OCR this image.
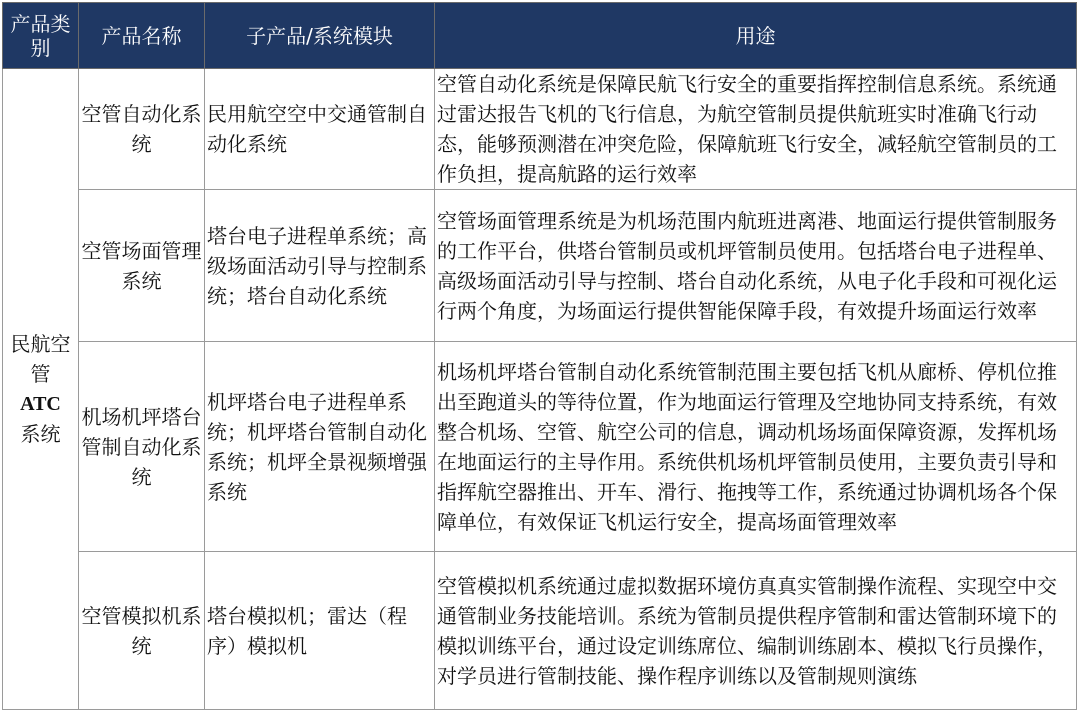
产品类别	产品名称	子产品/系统模块	用途

民航空管
ATC
系统	空管自动化系统	民用航空空中交通管制自动化系统	空管自动化系统是保障民航飞行安全的重要指挥控制信息系统。系统通过雷达报告飞机的飞行信息，为航空管制员提供航班实时准确飞行动态，能够预测潜在冲突危险，保障航班飞行安全，减轻航空管制员的工作负担，提高航路的运行效率
	空管场面管理系统	塔台电子进程单系统；高级场面活动引导与控制系统；塔台自动化系统	空管场面管理系统是为机场范围内航班进离港、地面运行提供管制服务的工作平台，供塔台管制员或机坪管制员使用。包括塔台电子进程单、高级场面活动引导与控制、塔台自动化系统，从电子化手段和可视化运行两个角度，为场面运行提供智能保障手段，有效提升场面运行效率
	机场机坪塔台管制自动化系统	机坪塔台电子进程单系统；机坪塔台管制自动化系统；机坪全景视频增强系统	机场机坪塔台管制自动化系统管制范围主要包括飞机从廊桥、停机位推出至跑道头的等待位置，作为地面运行管理及空地协同支持系统，有效整合机场、空管、航空公司的信息，调动机场场面保障资源，发挥机场在地面运行的主导作用。系统供机场机坪管制员使用，主要负责引导和指挥航空器推出、开车、滑行、拖拽等工作，系统通过协调机场各个保障单位，有效保证飞机运行安全，提高场面管理效率
	空管模拟机系统	塔台模拟机；雷达（程序）模拟机	空管模拟机系统通过虚拟数据环境仿真真实管制操作流程、实现空中交通管制业务技能培训。系统为管制员提供程序管制和雷达管制环境下的模拟训练平台，通过设定训练席位、编制训练剧本、模拟飞行员操作，对学员进行管制技能、操作程序训练以及管制规则演练
